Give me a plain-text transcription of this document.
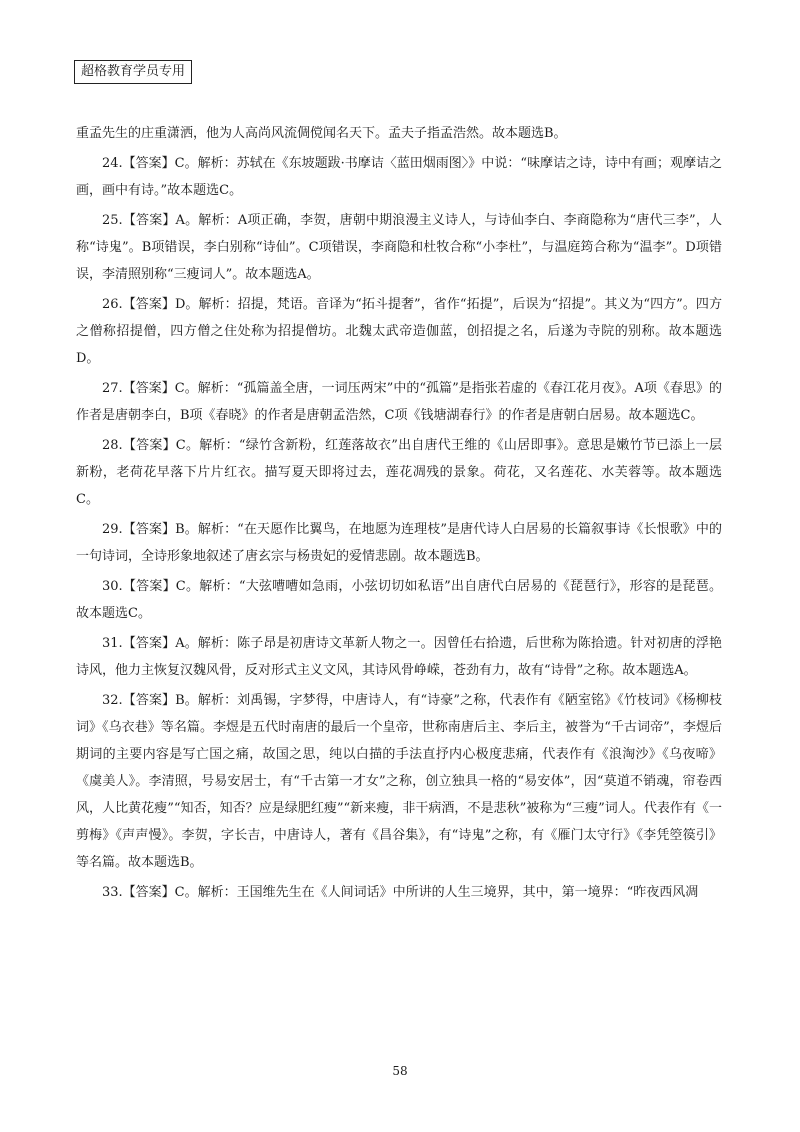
超格教育学员专用

重孟先生的庄重潇洒，他为人高尚风流倜傥闻名天下。孟夫子指孟浩然。故本题选B。

24.【答案】C。解析：苏轼在《东坡题跋·书摩诘〈蓝田烟雨图〉》中说：“味摩诘之诗，诗中有画；观摩诘之画，画中有诗。”故本题选C。

25.【答案】A。解析：A项正确，李贺，唐朝中期浪漫主义诗人，与诗仙李白、李商隐称为“唐代三李”，人称“诗鬼”。B项错误，李白别称“诗仙”。C项错误，李商隐和杜牧合称“小李杜”，与温庭筠合称为“温李”。D项错误，李清照别称“三瘦词人”。故本题选A。

26.【答案】D。解析：招提，梵语。音译为“拓斗提奢”，省作“拓提”，后误为“招提”。其义为“四方”。四方之僧称招提僧，四方僧之住处称为招提僧坊。北魏太武帝造伽蓝，创招提之名，后遂为寺院的别称。故本题选D。

27.【答案】C。解析：“孤篇盖全唐，一词压两宋”中的“孤篇”是指张若虚的《春江花月夜》。A项《春思》的作者是唐朝李白，B项《春晓》的作者是唐朝孟浩然，C项《钱塘湖春行》的作者是唐朝白居易。故本题选C。

28.【答案】C。解析：“绿竹含新粉，红莲落故衣”出自唐代王维的《山居即事》。意思是嫩竹节已添上一层新粉，老荷花早落下片片红衣。描写夏天即将过去，莲花凋残的景象。荷花，又名莲花、水芙蓉等。故本题选C。

29.【答案】B。解析：“在天愿作比翼鸟，在地愿为连理枝”是唐代诗人白居易的长篇叙事诗《长恨歌》中的一句诗词，全诗形象地叙述了唐玄宗与杨贵妃的爱情悲剧。故本题选B。

30.【答案】C。解析：“大弦嘈嘈如急雨，小弦切切如私语”出自唐代白居易的《琵琶行》，形容的是琵琶。故本题选C。

31.【答案】A。解析：陈子昂是初唐诗文革新人物之一。因曾任右拾遗，后世称为陈拾遗。针对初唐的浮艳诗风，他力主恢复汉魏风骨，反对形式主义文风，其诗风骨峥嵘，苍劲有力，故有“诗骨”之称。故本题选A。

32.【答案】B。解析：刘禹锡，字梦得，中唐诗人，有“诗豪”之称，代表作有《陋室铭》《竹枝词》《杨柳枝词》《乌衣巷》等名篇。李煜是五代时南唐的最后一个皇帝，世称南唐后主、李后主，被誉为“千古词帝”，李煜后期词的主要内容是写亡国之痛，故国之思，纯以白描的手法直抒内心极度悲痛，代表作有《浪淘沙》《乌夜啼》《虞美人》。李清照，号易安居士，有“千古第一才女”之称，创立独具一格的“易安体”，因“莫道不销魂，帘卷西风，人比黄花瘦”“知否，知否？应是绿肥红瘦”“新来瘦，非干病酒，不是悲秋”被称为“三瘦”词人。代表作有《一剪梅》《声声慢》。李贺，字长吉，中唐诗人，著有《昌谷集》，有“诗鬼”之称，有《雁门太守行》《李凭箜篌引》等名篇。故本题选B。

33.【答案】C。解析：王国维先生在《人间词话》中所讲的人生三境界，其中，第一境界：“昨夜西风凋

58
